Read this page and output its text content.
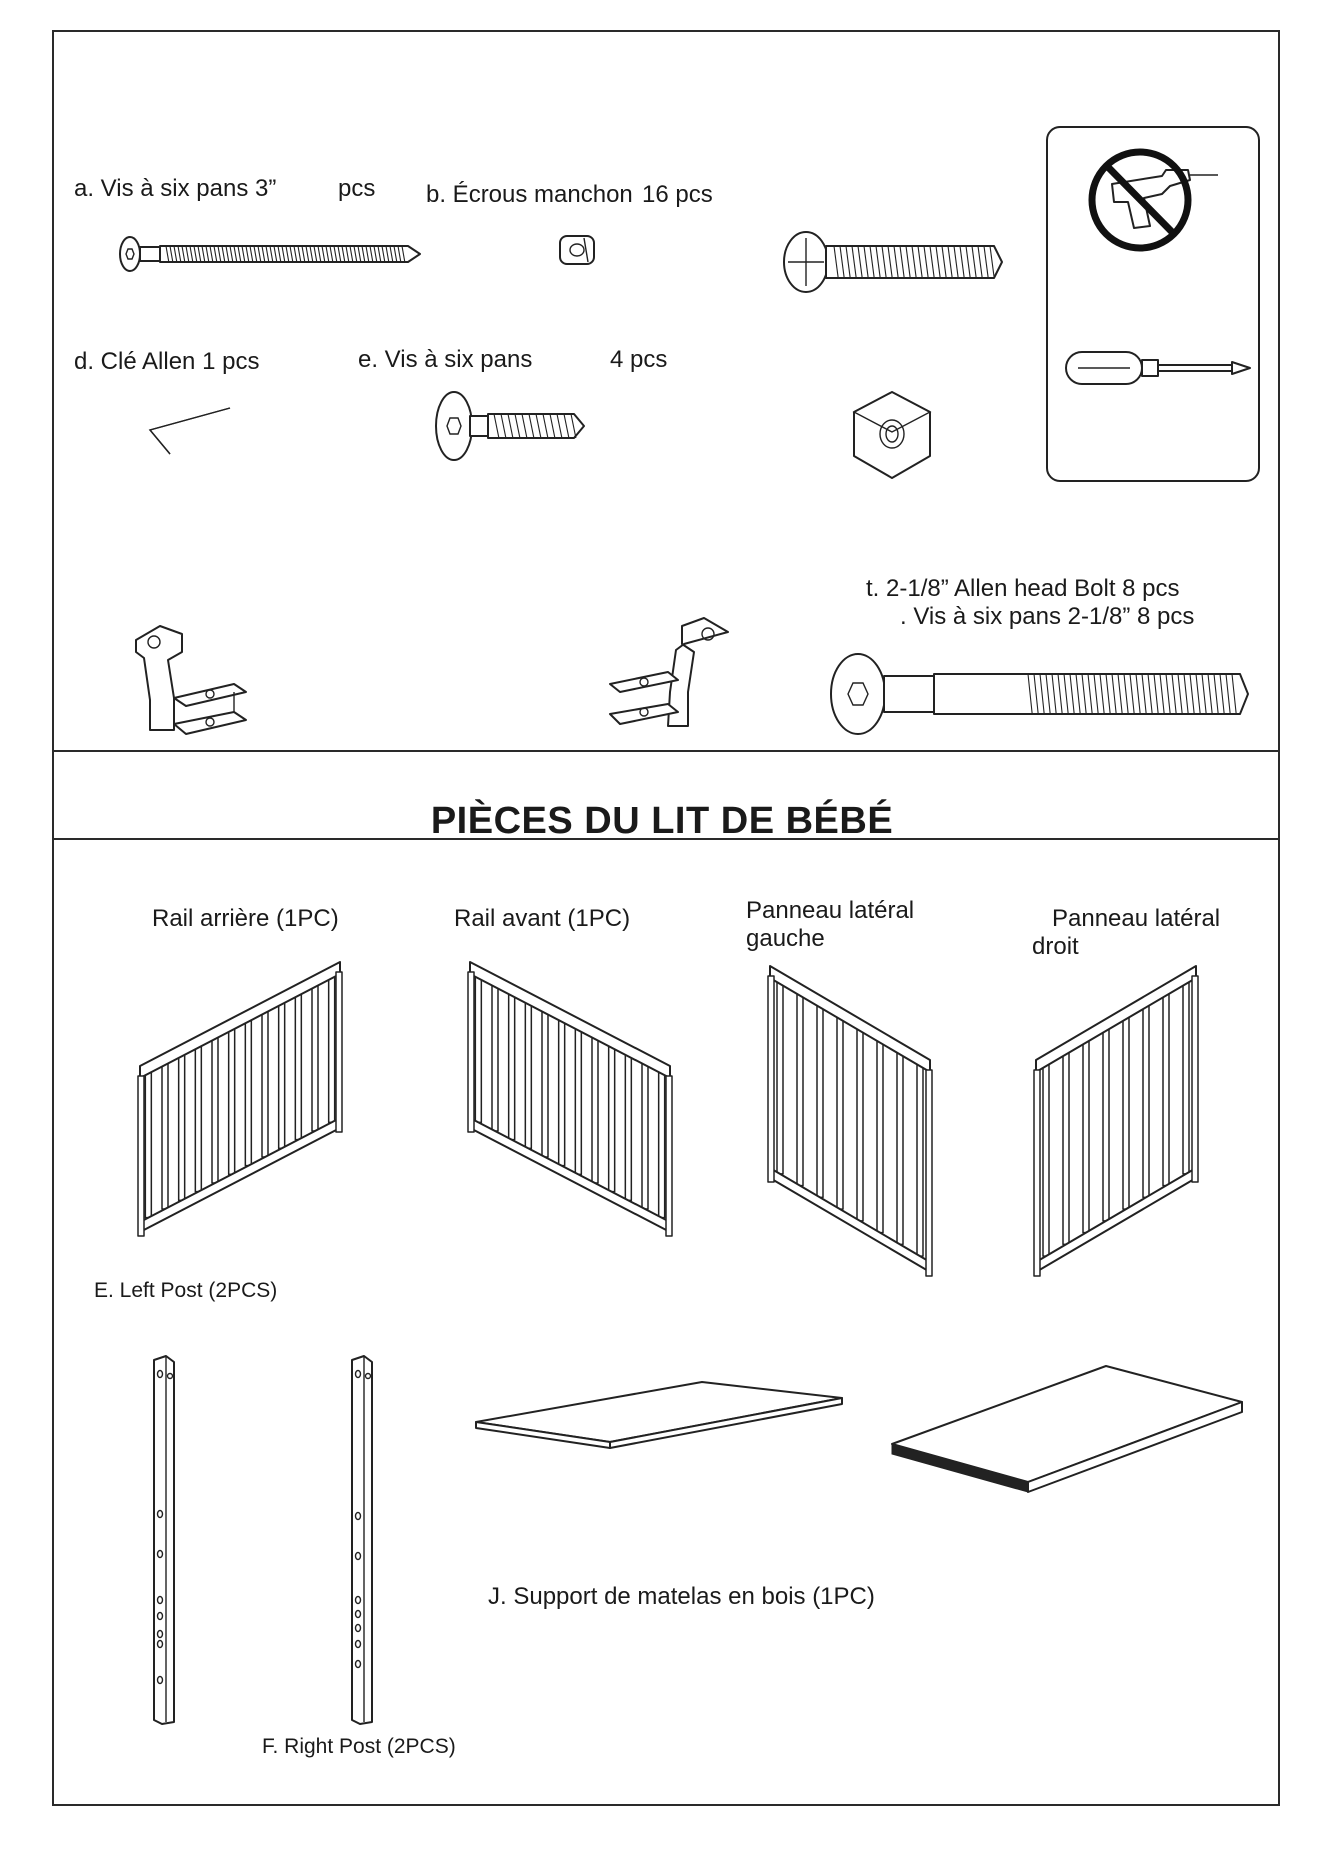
a. Vis à six pans 3”	pcs b. Écrous manchon 16 pcs
d. Clé Allen 1 pcs	e. Vis à six pans	4 pcs
t. 2-1/8” Allen head Bolt 8 pcs
. Vis à six pans 2-1/8” 8 pcs
PIÈCES DU LIT DE BÉBÉ
Rail arrière (1PC)	Rail avant (1PC)	Panneau latéral
gauche
Panneau latéral
droit
E. Left Post (2PCS)
F. Right Post (2PCS)
J. Support de matelas en bois (1PC)
